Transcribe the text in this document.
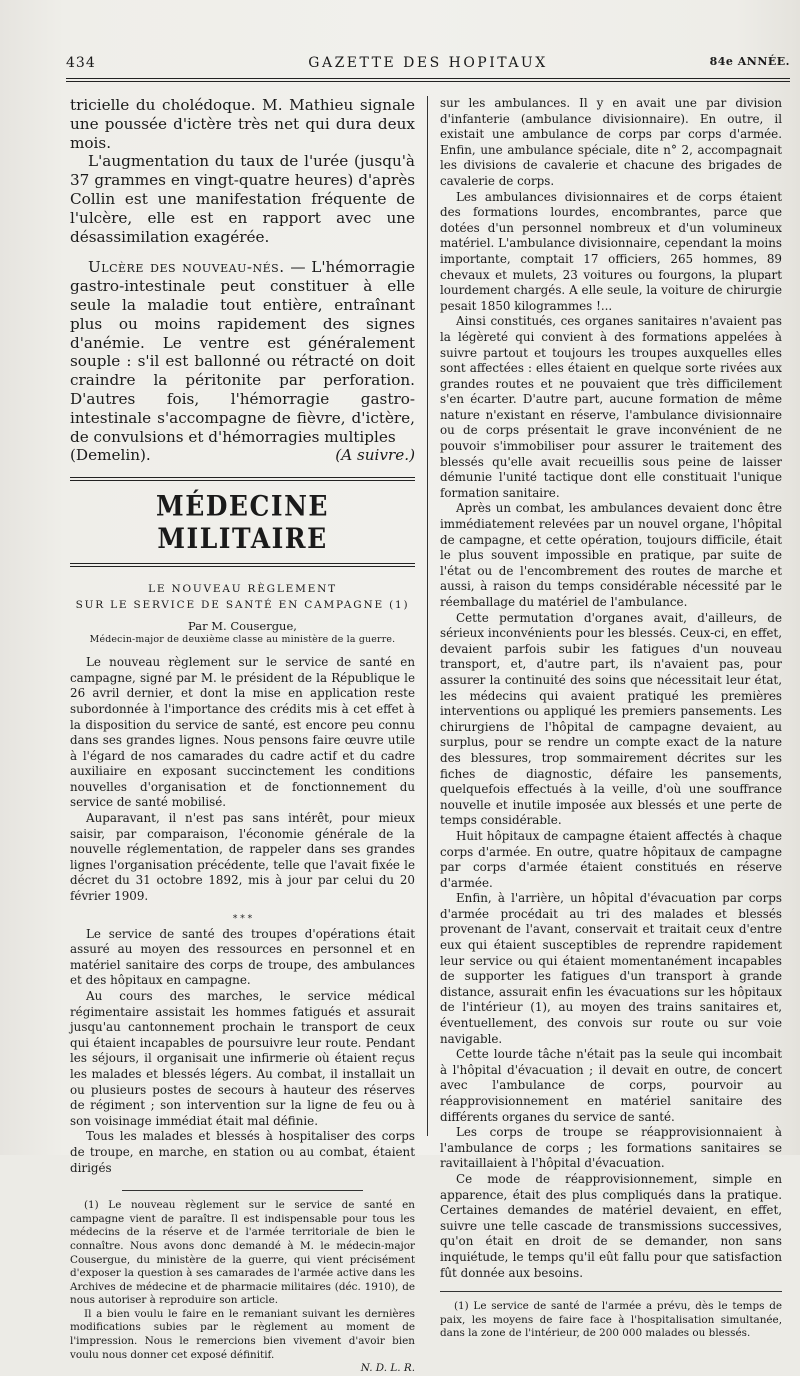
434	GAZETTE DES HOPITAUX	84e ANNÉE.

tricielle du cholédoque. M. Mathieu signale une poussée d'ictère très net qui dura deux mois.

L'augmentation du taux de l'urée (jusqu'à 37 grammes en vingt-quatre heures) d'après Collin est une manifestation fréquente de l'ulcère, elle est en rapport avec une désassimilation exagérée.

Ulcère des nouveau-nés. — L'hémorragie gastro-intestinale peut constituer à elle seule la maladie tout entière, entraînant plus ou moins rapidement des signes d'anémie. Le ventre est généralement souple : s'il est ballonné ou rétracté on doit craindre la péritonite par perforation. D'autres fois, l'hémorragie gastro-intestinale s'accompagne de fièvre, d'ictère, de convulsions et d'hémorragies multiples

(Demelin).	(A suivre.)

MÉDECINE MILITAIRE
LE NOUVEAU RÈGLEMENT
SUR LE SERVICE DE SANTÉ EN CAMPAGNE (1)
Par M. Cousergue,
Médecin-major de deuxième classe au ministère de la guerre.

Le nouveau règlement sur le service de santé en campagne, signé par M. le président de la République le 26 avril dernier, et dont la mise en application reste subordonnée à l'importance des crédits mis à cet effet à la disposition du service de santé, est encore peu connu dans ses grandes lignes. Nous pensons faire œuvre utile à l'égard de nos camarades du cadre actif et du cadre auxiliaire en exposant succinctement les conditions nouvelles d'organisation et de fonctionnement du service de santé mobilisé.

Auparavant, il n'est pas sans intérêt, pour mieux saisir, par comparaison, l'économie générale de la nouvelle réglementation, de rappeler dans ses grandes lignes l'organisation précédente, telle que l'avait fixée le décret du 31 octobre 1892, mis à jour par celui du 20 février 1909.

⁎ ⁎ ⁎

Le service de santé des troupes d'opérations était assuré au moyen des ressources en personnel et en matériel sanitaire des corps de troupe, des ambulances et des hôpitaux en campagne.

Au cours des marches, le service médical régimentaire assistait les hommes fatigués et assurait jusqu'au cantonnement prochain le transport de ceux qui étaient incapables de poursuivre leur route. Pendant les séjours, il organisait une infirmerie où étaient reçus les malades et blessés légers. Au combat, il installait un ou plusieurs postes de secours à hauteur des réserves de régiment ; son intervention sur la ligne de feu ou à son voisinage immédiat était mal définie.

Tous les malades et blessés à hospitaliser des corps de troupe, en marche, en station ou au combat, étaient dirigés

(1) Le nouveau règlement sur le service de santé en campagne vient de paraître. Il est indispensable pour tous les médecins de la réserve et de l'armée territoriale de bien le connaître. Nous avons donc demandé à M. le médecin-major Cousergue, du ministère de la guerre, qui vient précisément d'exposer la question à ses camarades de l'armée active dans les Archives de médecine et de pharmacie militaires (déc. 1910), de nous autoriser à reproduire son article.

Il a bien voulu le faire en le remaniant suivant les dernières modifications subies par le règlement au moment de l'impression. Nous le remercions bien vivement d'avoir bien voulu nous donner cet exposé définitif.

N. D. L. R.

sur les ambulances. Il y en avait une par division d'infanterie (ambulance divisionnaire). En outre, il existait une ambulance de corps par corps d'armée. Enfin, une ambulance spéciale, dite n° 2, accompagnait les divisions de cavalerie et chacune des brigades de cavalerie de corps.

Les ambulances divisionnaires et de corps étaient des formations lourdes, encombrantes, parce que dotées d'un personnel nombreux et d'un volumineux matériel. L'ambulance divisionnaire, cependant la moins importante, comptait 17 officiers, 265 hommes, 89 chevaux et mulets, 23 voitures ou fourgons, la plupart lourdement chargés. A elle seule, la voiture de chirurgie pesait 1850 kilogrammes !...

Ainsi constitués, ces organes sanitaires n'avaient pas la légèreté qui convient à des formations appelées à suivre partout et toujours les troupes auxquelles elles sont affectées : elles étaient en quelque sorte rivées aux grandes routes et ne pouvaient que très difficilement s'en écarter. D'autre part, aucune formation de même nature n'existant en réserve, l'ambulance divisionnaire ou de corps présentait le grave inconvénient de ne pouvoir s'immobiliser pour assurer le traitement des blessés qu'elle avait recueillis sous peine de laisser démunie l'unité tactique dont elle constituait l'unique formation sanitaire.

Après un combat, les ambulances devaient donc être immédiatement relevées par un nouvel organe, l'hôpital de campagne, et cette opération, toujours difficile, était le plus souvent impossible en pratique, par suite de l'état ou de l'encombrement des routes de marche et aussi, à raison du temps considérable nécessité par le réemballage du matériel de l'ambulance.

Cette permutation d'organes avait, d'ailleurs, de sérieux inconvénients pour les blessés. Ceux-ci, en effet, devaient parfois subir les fatigues d'un nouveau transport, et, d'autre part, ils n'avaient pas, pour assurer la continuité des soins que nécessitait leur état, les médecins qui avaient pratiqué les premières interventions ou appliqué les premiers pansements. Les chirurgiens de l'hôpital de campagne devaient, au surplus, pour se rendre un compte exact de la nature des blessures, trop sommairement décrites sur les fiches de diagnostic, défaire les pansements, quelquefois effectués à la veille, d'où une souffrance nouvelle et inutile imposée aux blessés et une perte de temps considérable.

Huit hôpitaux de campagne étaient affectés à chaque corps d'armée. En outre, quatre hôpitaux de campagne par corps d'armée étaient constitués en réserve d'armée.

Enfin, à l'arrière, un hôpital d'évacuation par corps d'armée procédait au tri des malades et blessés provenant de l'avant, conservait et traitait ceux d'entre eux qui étaient susceptibles de reprendre rapidement leur service ou qui étaient momentanément incapables de supporter les fatigues d'un transport à grande distance, assurait enfin les évacuations sur les hôpitaux de l'intérieur (1), au moyen des trains sanitaires et, éventuellement, des convois sur route ou sur voie navigable.

Cette lourde tâche n'était pas la seule qui incombait à l'hôpital d'évacuation ; il devait en outre, de concert avec l'ambulance de corps, pourvoir au réapprovisionnement en matériel sanitaire des différents organes du service de santé.

Les corps de troupe se réapprovisionnaient à l'ambulance de corps ; les formations sanitaires se ravitaillaient à l'hôpital d'évacuation.

Ce mode de réapprovisionnement, simple en apparence, était des plus compliqués dans la pratique. Certaines demandes de matériel devaient, en effet, suivre une telle cascade de transmissions successives, qu'on était en droit de se demander, non sans inquiétude, le temps qu'il eût fallu pour que satisfaction fût donnée aux besoins.

(1) Le service de santé de l'armée a prévu, dès le temps de paix, les moyens de faire face à l'hospitalisation simultanée, dans la zone de l'intérieur, de 200 000 malades ou blessés.
